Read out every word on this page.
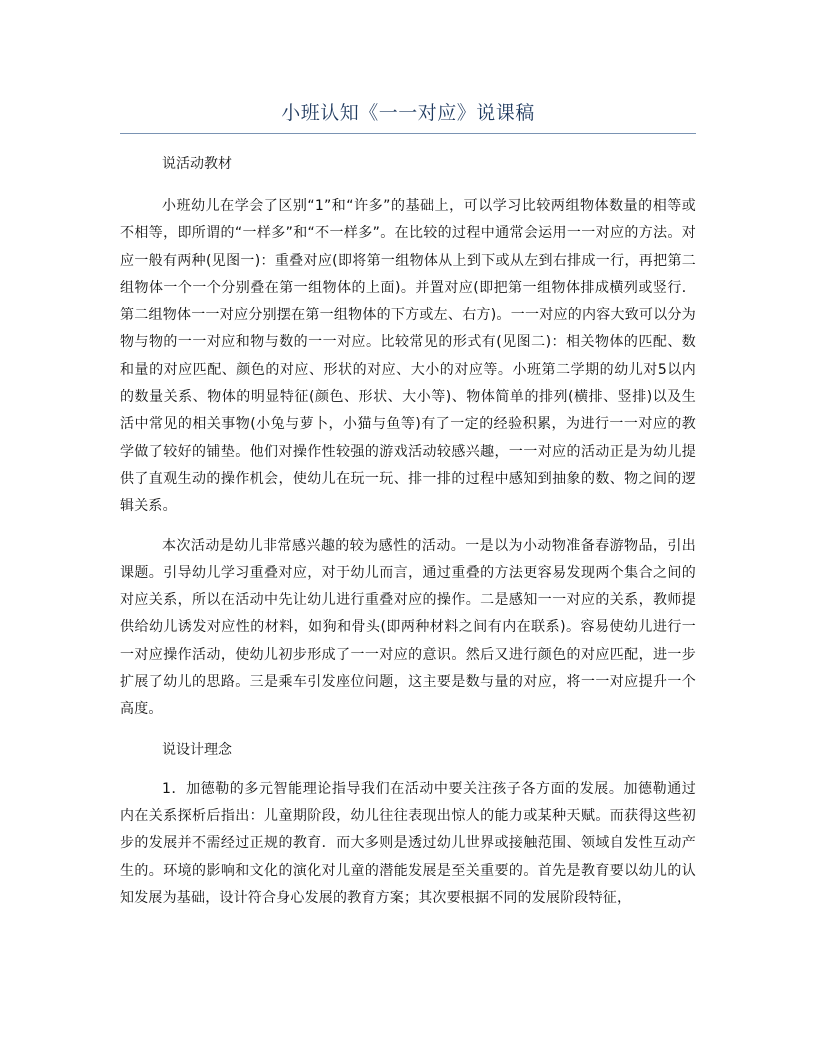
小班认知《一一对应》说课稿
说活动教材

小班幼儿在学会了区别“1”和“许多”的基础上，可以学习比较两组物体数量的相等或不相等，即所谓的“一样多”和“不一样多”。在比较的过程中通常会运用一一对应的方法。对应一般有两种(见图一)：重叠对应(即将第一组物体从上到下或从左到右排成一行，再把第二组物体一个一个分别叠在第一组物体的上面)。并置对应(即把第一组物体排成横列或竖行．第二组物体一一对应分别摆在第一组物体的下方或左、右方)。一一对应的内容大致可以分为物与物的一一对应和物与数的一一对应。比较常见的形式有(见图二)：相关物体的匹配、数和量的对应匹配、颜色的对应、形状的对应、大小的对应等。小班第二学期的幼儿对5以内的数量关系、物体的明显特征(颜色、形状、大小等)、物体简单的排列(横排、竖排)以及生活中常见的相关事物(小兔与萝卜，小猫与鱼等)有了一定的经验积累，为进行一一对应的教学做了较好的铺垫。他们对操作性较强的游戏活动较感兴趣，一一对应的活动正是为幼儿提供了直观生动的操作机会，使幼儿在玩一玩、排一排的过程中感知到抽象的数、物之间的逻辑关系。

本次活动是幼儿非常感兴趣的较为感性的活动。一是以为小动物准备春游物品，引出课题。引导幼儿学习重叠对应，对于幼儿而言，通过重叠的方法更容易发现两个集合之间的对应关系，所以在活动中先让幼儿进行重叠对应的操作。二是感知一一对应的关系，教师提供给幼儿诱发对应性的材料，如狗和骨头(即两种材料之间有内在联系)。容易使幼儿进行一一对应操作活动，使幼儿初步形成了一一对应的意识。然后又进行颜色的对应匹配，进一步扩展了幼儿的思路。三是乘车引发座位问题，这主要是数与量的对应，将一一对应提升一个高度。

说设计理念

1．加德勒的多元智能理论指导我们在活动中要关注孩子各方面的发展。加德勒通过内在关系探析后指出：儿童期阶段，幼儿往往表现出惊人的能力或某种天赋。而获得这些初步的发展并不需经过正规的教育．而大多则是透过幼儿世界或接触范围、领域自发性互动产生的。环境的影响和文化的演化对儿童的潜能发展是至关重要的。首先是教育要以幼儿的认知发展为基础，设计符合身心发展的教育方案；其次要根据不同的发展阶段特征，
